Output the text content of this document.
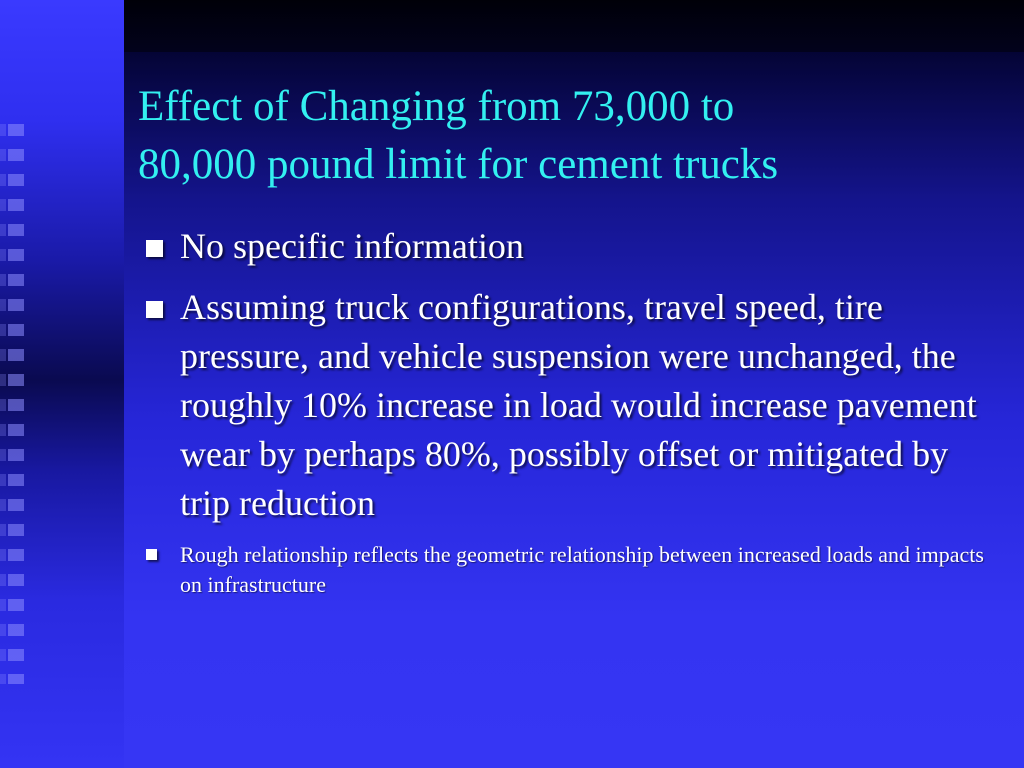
Effect of Changing from 73,000 to
80,000 pound limit for cement trucks
No specific information
Assuming truck configurations, travel speed, tire pressure, and vehicle suspension were unchanged, the roughly 10% increase in load would increase pavement wear by perhaps 80%, possibly offset or mitigated by trip reduction
Rough relationship reflects the geometric relationship between increased loads and impacts on infrastructure
